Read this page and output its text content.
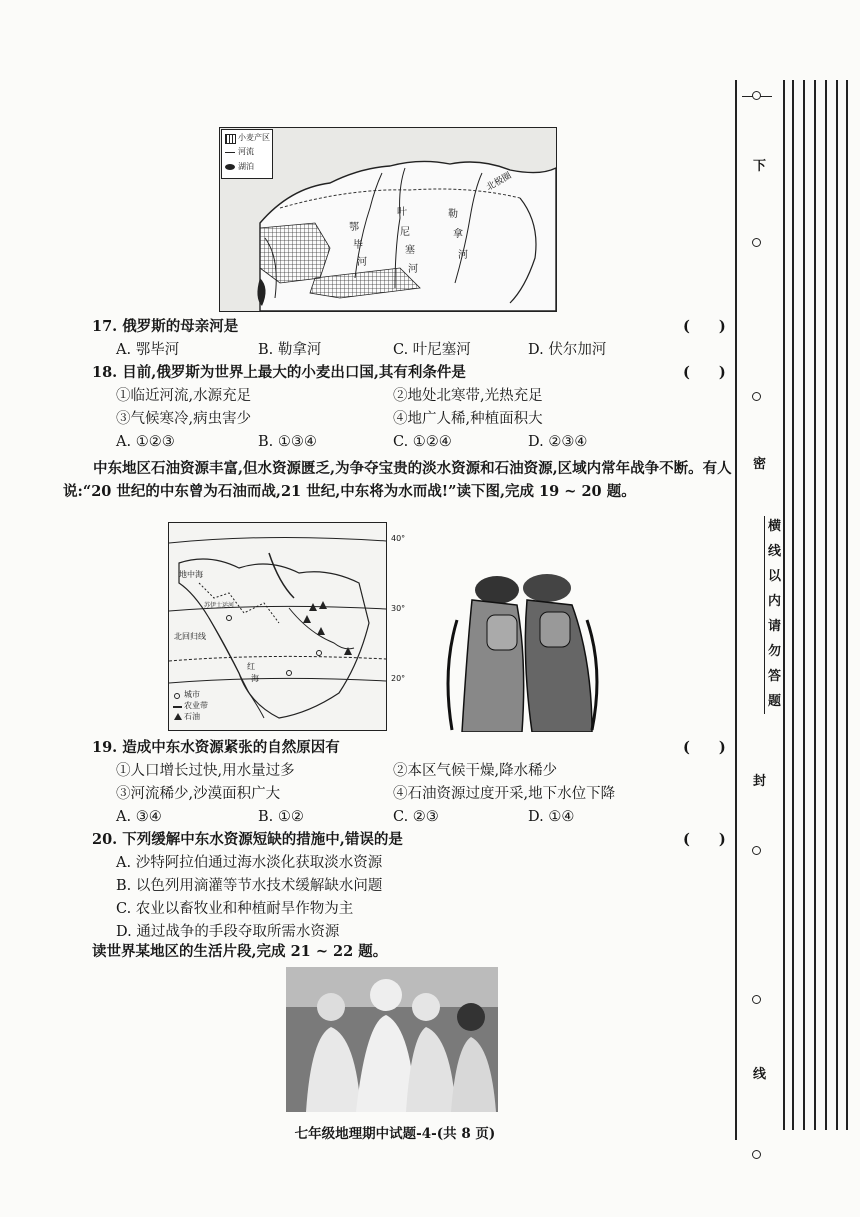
小麦产区
河流
湖泊
鄂
毕
河
叶
尼
塞
河
勒
拿
河
北极圈
17. 俄罗斯的母亲河是	(　　)
A. 鄂毕河	B. 勒拿河	C. 叶尼塞河	D. 伏尔加河
18. 目前,俄罗斯为世界上最大的小麦出口国,其有利条件是	(　　)
①临近河流,水源充足	②地处北寒带,光热充足
③气候寒冷,病虫害少	④地广人稀,种植面积大
A. ①②③	B. ①③④	C. ①②④	D. ②③④
中东地区石油资源丰富,但水资源匮乏,为争夺宝贵的淡水资源和石油资源,区域内常年战争不断。有人说:“20 世纪的中东曾为石油而战,21 世纪,中东将为水而战!”读下图,完成 19 ~ 20 题。
40°
30°
20°
地中海
苏伊士运河
北回归线
红
海
城市
农业带
石油
19. 造成中东水资源紧张的自然原因有	(　　)
①人口增长过快,用水量过多	②本区气候干燥,降水稀少
③河流稀少,沙漠面积广大	④石油资源过度开采,地下水位下降
A. ③④	B. ①②	C. ②③	D. ①④
20. 下列缓解中东水资源短缺的措施中,错误的是	(　　)
A. 沙特阿拉伯通过海水淡化获取淡水资源
B. 以色列用滴灌等节水技术缓解缺水问题
C. 农业以畜牧业和种植耐旱作物为主
D. 通过战争的手段夺取所需水资源
读世界某地区的生活片段,完成 21 ~ 22 题。
七年级地理期中试题-4-(共 8 页)
下
密
横
线
以
内
请
勿
答
题
封
线
